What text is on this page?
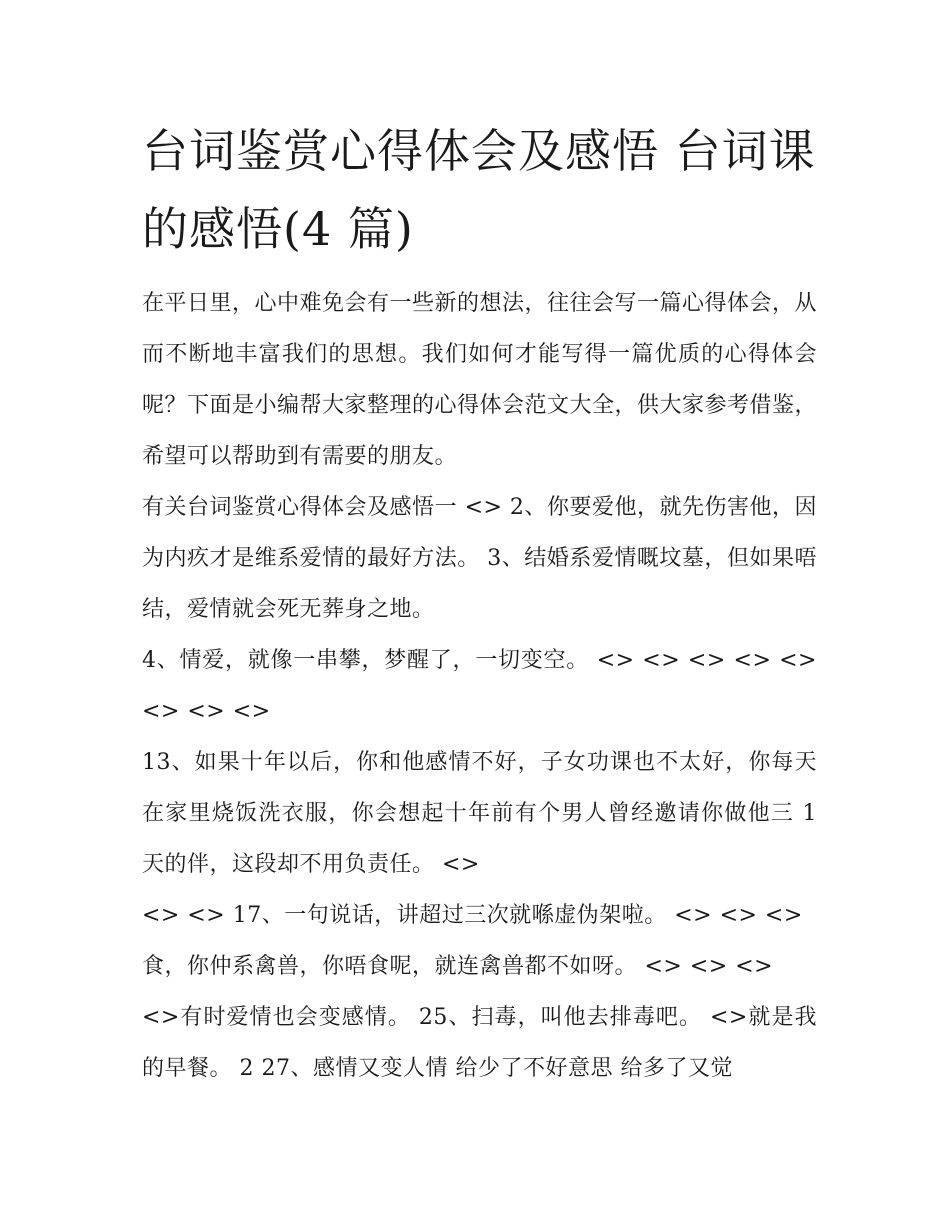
台词鉴赏心得体会及感悟 台词课的感悟(4 篇)

在平日里，心中难免会有一些新的想法，往往会写一篇心得体会，从而不断地丰富我们的思想。我们如何才能写得一篇优质的心得体会呢？下面是小编帮大家整理的心得体会范文大全，供大家参考借鉴，希望可以帮助到有需要的朋友。

有关台词鉴赏心得体会及感悟一 <> 2、你要爱他，就先伤害他，因为内疚才是维系爱情的最好方法。 3、结婚系爱情嘅坟墓，但如果唔结，爱情就会死无葬身之地。

4、情爱，就像一串攀，梦醒了，一切变空。 <> <> <> <> <> <> <> <>

13、如果十年以后，你和他感情不好，子女功课也不太好，你每天在家里烧饭洗衣服，你会想起十年前有个男人曾经邀请你做他三 1 天的伴，这段却不用负责任。 <>

<> <> 17、一句说话，讲超过三次就喺虚伪架啦。 <> <> <>

食，你仲系禽兽，你唔食呢，就连禽兽都不如呀。 <> <> <>

<>有时爱情也会变感情。 25、扫毒，叫他去排毒吧。 <>就是我的早餐。 2 27、感情又变人情 给少了不好意思 给多了又觉
